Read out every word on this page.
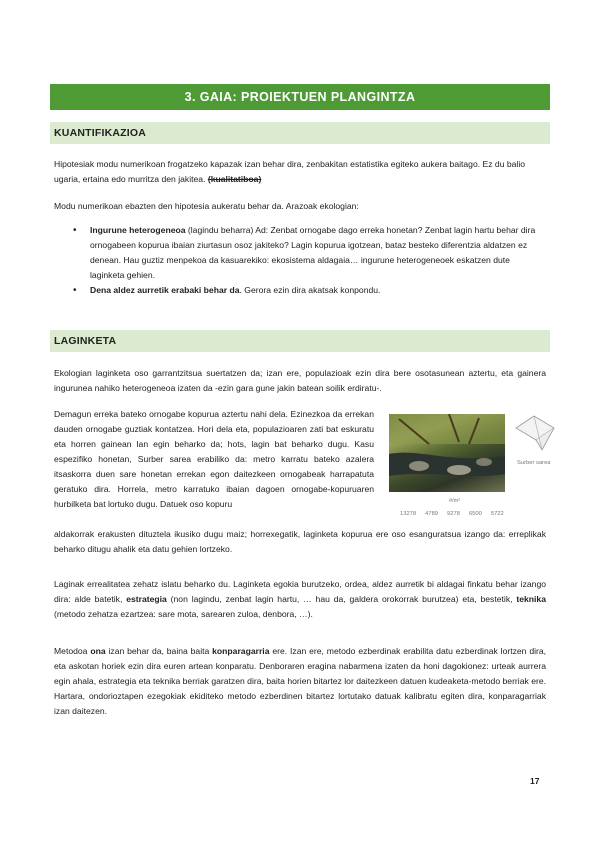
3. GAIA: PROIEKTUEN PLANGINTZA
KUANTIFIKAZIOA

Hipotesiak modu numerikoan frogatzeko kapazak izan behar dira, zenbakitan estatistika egiteko aukera baitago. Ez du balio ugaria, ertaina edo murritza den jakitea. (kualitatiboa)

Modu numerikoan ebazten den hipotesia aukeratu behar da. Arazoak ekologian:

• Ingurune heterogeneoa (lagindu beharra) Ad: Zenbat ornogabe dago erreka honetan? Zenbat lagin hartu behar dira ornogabeen kopurua ibaian ziurtasun osoz jakiteko? Lagin kopurua igotzean, bataz besteko diferentzia aldatzen ez denean. Hau guztiz menpekoa da kasuarekiko: ekosistema aldagaia… ingurune heterogeneoek eskatzen dute laginketa gehien.
• Dena aldez aurretik erabaki behar da. Gerora ezin dira akatsak konpondu.
LAGINKETA

Ekologian laginketa oso garrantzitsua suertatzen da; izan ere, populazioak ezin dira bere osotasunean aztertu, eta gainera ingurunea nahiko heterogeneoa izaten da -ezin gara gune jakin batean soilik erdiratu-.

Demagun erreka bateko ornogabe kopurua aztertu nahi dela. Ezinezkoa da errekan dauden ornogabe guztiak kontatzea. Hori dela eta, populazioaren zati bat eskuratu eta horren gainean lan egin beharko da; hots, lagin bat beharko dugu. Kasu espezifiko honetan, Surber sarea erabiliko da: metro karratu bateko azalera itsaskorra duen sare honetan errekan egon daitezkeen ornogabeak harrapatuta geratuko dira. Horrela, metro karratuko ibaian dagoen ornogabe-kopuruaren hurbilketa bat lortuko dugu. Datuek oso kopuru

aldakorrak erakusten dituztela ikusiko dugu maiz; horrexegatik, laginketa kopurua ere oso esanguratsua izango da: erreplikak beharko ditugu ahalik eta datu gehien lortzeko.

Surber sarea
#/m²
13278 4789 9278 6500 5722

Laginak errealitatea zehatz islatu beharko du. Laginketa egokia burutzeko, ordea, aldez aurretik bi aldagai finkatu behar izango dira: alde batetik, estrategia (non lagindu, zenbat lagin hartu, … hau da, galdera orokorrak burutzea) eta, bestetik, teknika (metodo zehatza ezartzea: sare mota, sarearen zuloa, denbora, …).

Metodoa ona izan behar da, baina baita konparagarria ere. Izan ere, metodo ezberdinak erabilita datu ezberdinak lortzen dira, eta askotan horiek ezin dira euren artean konparatu. Denboraren eragina nabarmena izaten da honi dagokionez: urteak aurrera egin ahala, estrategia eta teknika berriak garatzen dira, baita horien bitartez lor daitezkeen datuen kudeaketa-metodo berriak ere. Hartara, ondorioztapen ezegokiak ekiditeko metodo ezberdinen bitartez lortutako datuak kalibratu egiten dira, konparagarriak izan daitezen.

17
